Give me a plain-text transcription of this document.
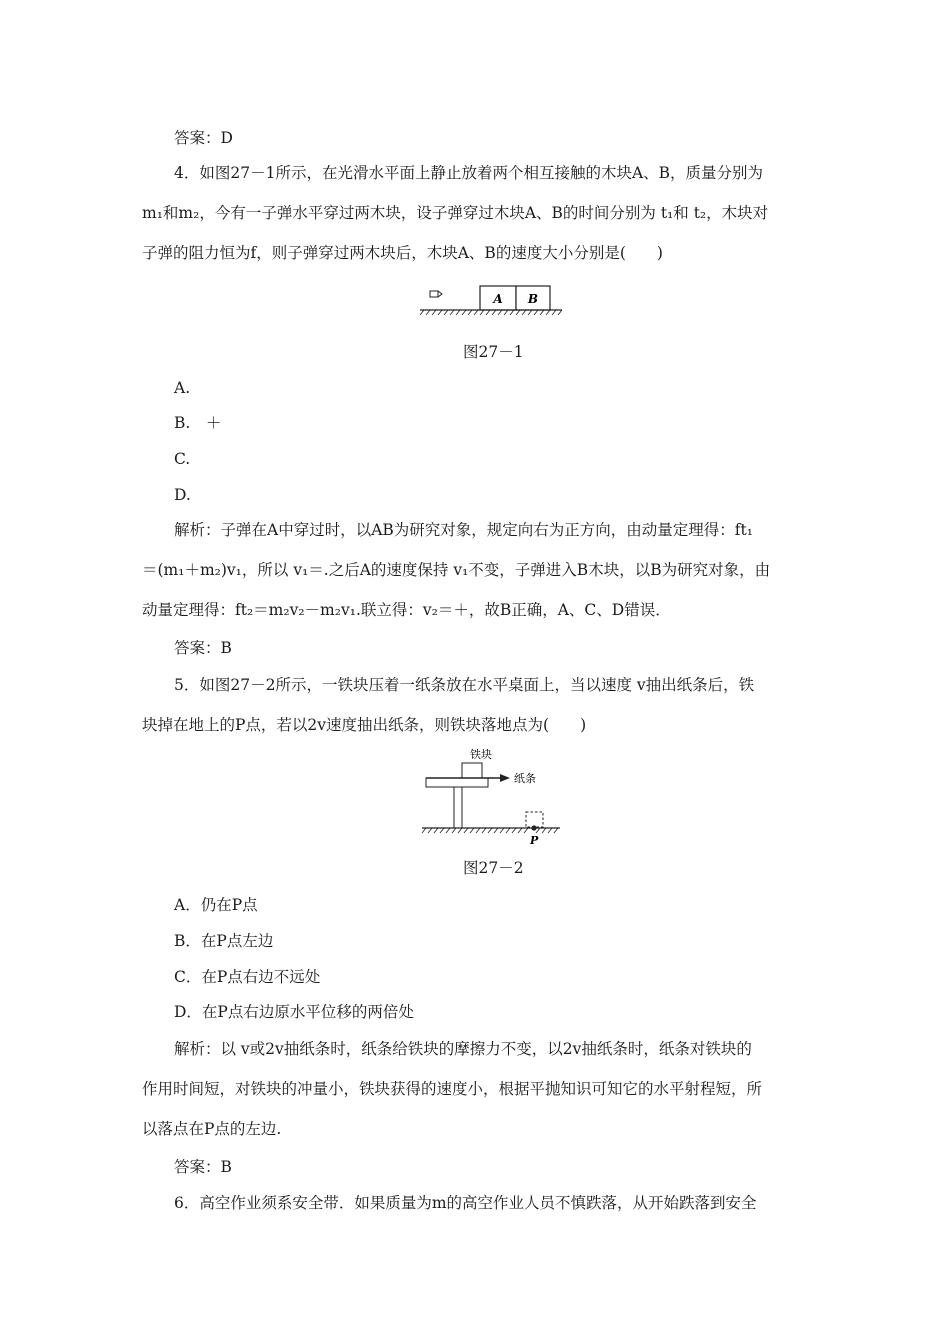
答案：D
4．如图27－1所示，在光滑水平面上静止放着两个相互接触的木块A、B，质量分别为
m₁和m₂，今有一子弹水平穿过两木块，设子弹穿过木块A、B的时间分别为 t₁和 t₂，木块对
子弹的阻力恒为f，则子弹穿过两木块后，木块A、B的速度大小分别是(　　)
A B
图27－1
A.
B.　＋
C.
D.
解析：子弹在A中穿过时，以AB为研究对象，规定向右为正方向，由动量定理得：ft₁
＝(m₁＋m₂)v₁，所以 v₁＝.之后A的速度保持 v₁不变，子弹进入B木块，以B为研究对象，由
动量定理得：ft₂＝m₂v₂－m₂v₁.联立得：v₂＝＋，故B正确，A、C、D错误．
答案：B
5．如图27－2所示，一铁块压着一纸条放在水平桌面上，当以速度 v抽出纸条后，铁
块掉在地上的P点，若以2v速度抽出纸条，则铁块落地点为(　　)
铁块
纸条
P
图27－2
A．仍在P点
B．在P点左边
C．在P点右边不远处
D．在P点右边原水平位移的两倍处
解析：以 v或2v抽纸条时，纸条给铁块的摩擦力不变，以2v抽纸条时，纸条对铁块的
作用时间短，对铁块的冲量小，铁块获得的速度小，根据平抛知识可知它的水平射程短，所
以落点在P点的左边.
答案：B
6．高空作业须系安全带．如果质量为m的高空作业人员不慎跌落，从开始跌落到安全
